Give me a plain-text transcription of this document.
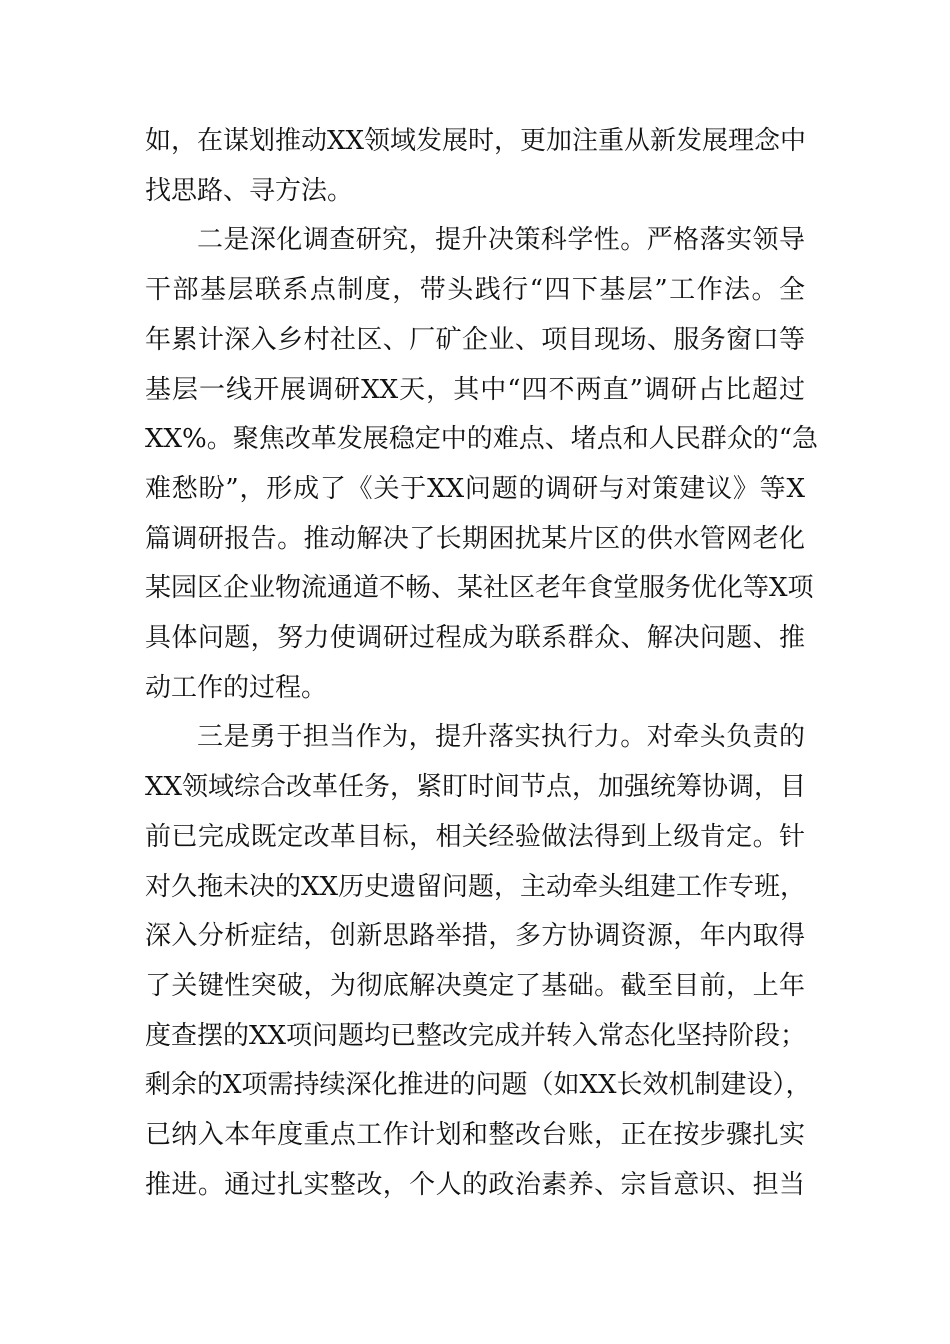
如，在谋划推动XX领域发展时，更加注重从新发展理念中
找思路、寻方法。
二是深化调查研究，提升决策科学性。严格落实领导
干部基层联系点制度，带头践行“四下基层”工作法。全
年累计深入乡村社区、厂矿企业、项目现场、服务窗口等
基层一线开展调研XX天，其中“四不两直”调研占比超过
XX%。聚焦改革发展稳定中的难点、堵点和人民群众的“急
难愁盼”，形成了《关于XX问题的调研与对策建议》等X
篇调研报告。推动解决了长期困扰某片区的供水管网老化
某园区企业物流通道不畅、某社区老年食堂服务优化等X项
具体问题，努力使调研过程成为联系群众、解决问题、推
动工作的过程。
三是勇于担当作为，提升落实执行力。对牵头负责的
XX领域综合改革任务，紧盯时间节点，加强统筹协调，目
前已完成既定改革目标，相关经验做法得到上级肯定。针
对久拖未决的XX历史遗留问题，主动牵头组建工作专班，
深入分析症结，创新思路举措，多方协调资源，年内取得
了关键性突破，为彻底解决奠定了基础。截至目前，上年
度查摆的XX项问题均已整改完成并转入常态化坚持阶段；
剩余的X项需持续深化推进的问题（如XX长效机制建设），
已纳入本年度重点工作计划和整改台账，正在按步骤扎实
推进。通过扎实整改，个人的政治素养、宗旨意识、担当
